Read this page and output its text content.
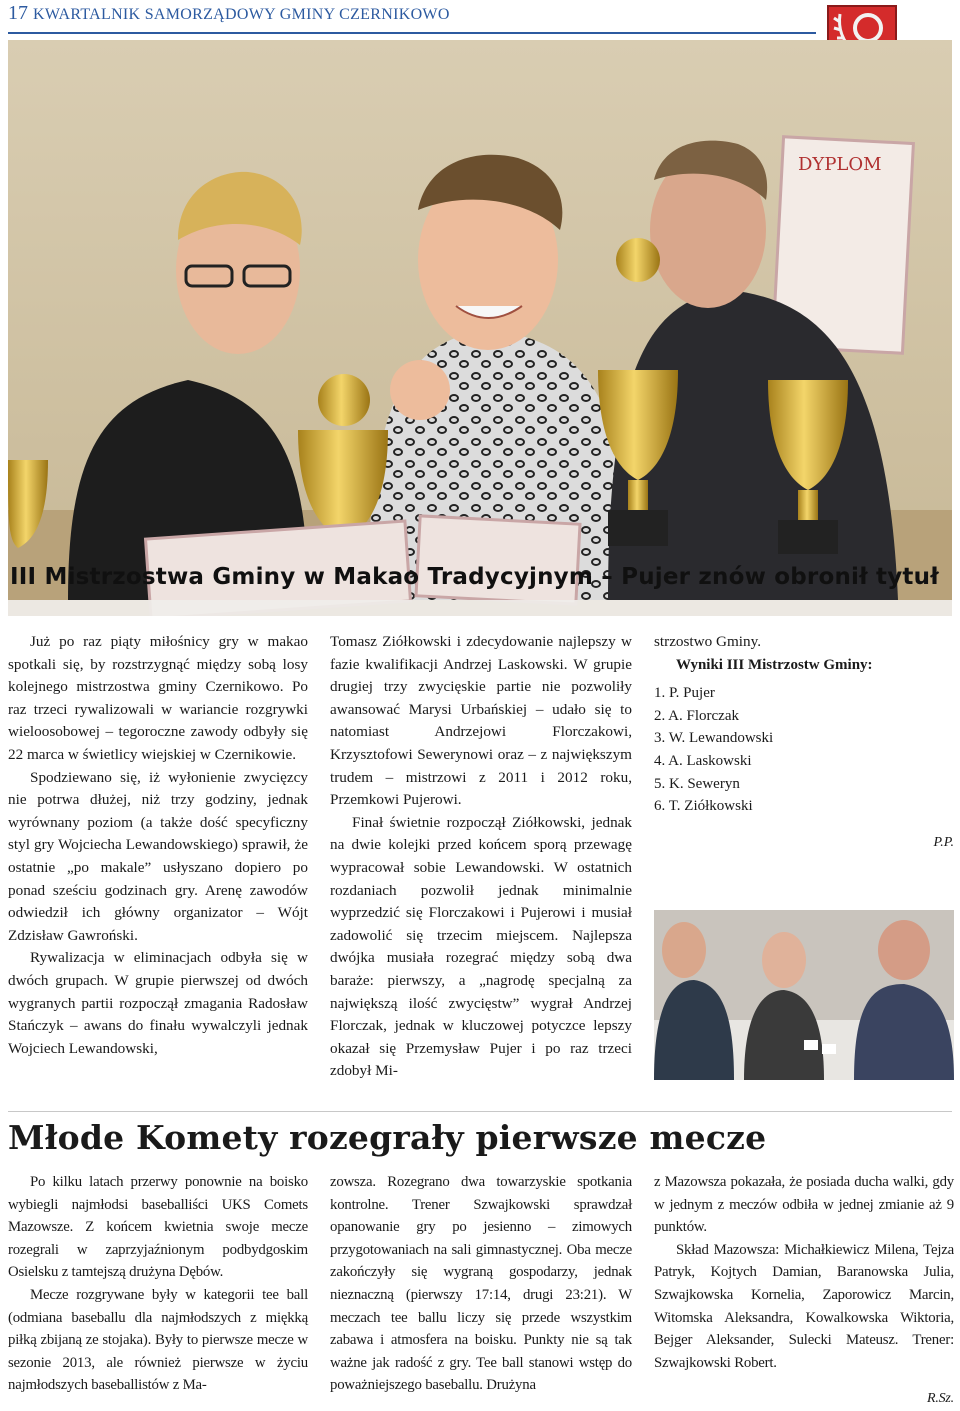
17 KWARTALNIK SAMORZĄDOWY GMINY CZERNIKOWO
DYPLOM
III Mistrzostwa Gminy w Makao Tradycyjnym – Pujer znów obronił tytuł

Już po raz piąty miłośnicy gry w makao spotkali się, by rozstrzygnąć między sobą losy kolejnego mistrzostwa gminy Czernikowo. Po raz trzeci rywalizowali w wariancie rozgrywki wieloosobowej – tegoroczne zawody odbyły się 22 marca w świetlicy wiejskiej w Czernikowie.

Spodziewano się, iż wyłonienie zwycięzcy nie potrwa dłużej, niż trzy godziny, jednak wyrównany poziom (a także dość specyficzny styl gry Wojciecha Lewandowskiego) sprawił, że ostatnie „po makale” usłyszano dopiero po ponad sześciu godzinach gry. Arenę zawodów odwiedził ich główny organizator – Wójt Zdzisław Gawroński.

Rywalizacja w eliminacjach odbyła się w dwóch grupach. W grupie pierwszej od dwóch wygranych partii rozpoczął zmagania Radosław Stańczyk – awans do finału wywalczyli jednak Wojciech Lewandowski,

Tomasz Ziółkowski i zdecydowanie najlepszy w fazie kwalifikacji Andrzej Laskowski. W grupie drugiej trzy zwycięskie partie nie pozwoliły awansować Marysi Urbańskiej – udało się to natomiast Andrzejowi Florczakowi, Krzysztofowi Sewerynowi oraz – z największym trudem – mistrzowi z 2011 i 2012 roku, Przemkowi Pujerowi.

Finał świetnie rozpoczął Ziółkowski, jednak na dwie kolejki przed końcem sporą przewagę wypracował sobie Lewandowski. W ostatnich rozdaniach pozwolił jednak minimalnie wyprzedzić się Florczakowi i Pujerowi i musiał zadowolić się trzecim miejscem. Najlepsza dwójka musiała rozegrać między sobą dwa baraże: pierwszy, a „nagrodę specjalną za największą ilość zwycięstw” wygrał Andrzej Florczak, jednak w kluczowej potyczce lepszy okazał się Przemysław Pujer i po raz trzeci zdobył Mi-

strzostwo Gminy.

Wyniki III Mistrzostw Gminy:

1. P. Pujer
2. A. Florczak
3. W. Lewandowski
4. A. Laskowski
5. K. Seweryn
6. T. Ziółkowski
P.P.
Młode Komety rozegrały pierwsze mecze

Po kilku latach przerwy ponownie na boisko wybiegli najmłodsi baseballiści UKS Comets Mazowsze. Z końcem kwietnia swoje mecze rozegrali w zaprzyjaźnionym podbydgoskim Osielsku z tamtejszą drużyna Dębów.

Mecze rozgrywane były w kategorii tee ball (odmiana baseballu dla najmłodszych z miękką piłką zbijaną ze stojaka). Były to pierwsze mecze w sezonie 2013, ale również pierwsze w życiu najmłodszych baseballistów z Ma-

zowsza. Rozegrano dwa towarzyskie spotkania kontrolne. Trener Szwajkowski sprawdzał opanowanie gry po jesienno – zimowych przygotowaniach na sali gimnastycznej. Oba mecze zakończyły się wygraną gospodarzy, jednak nieznaczną (pierwszy 17:14, drugi 23:21). W meczach tee ballu liczy się przede wszystkim zabawa i atmosfera na boisku. Punkty nie są tak ważne jak radość z gry. Tee ball stanowi wstęp do poważniejszego baseballu. Drużyna

z Mazowsza pokazała, że posiada ducha walki, gdy w jednym z meczów odbiła w jednej zmianie aż 9 punktów.

Skład Mazowsza: Michałkiewicz Milena, Tejza Patryk, Kojtych Damian, Baranowska Julia, Szwajkowska Kornelia, Zaporowicz Marcin, Witomska Aleksandra, Kowalkowska Wiktoria, Bejger Aleksander, Sulecki Mateusz. Trener: Szwajkowski Robert.

R.Sz.
